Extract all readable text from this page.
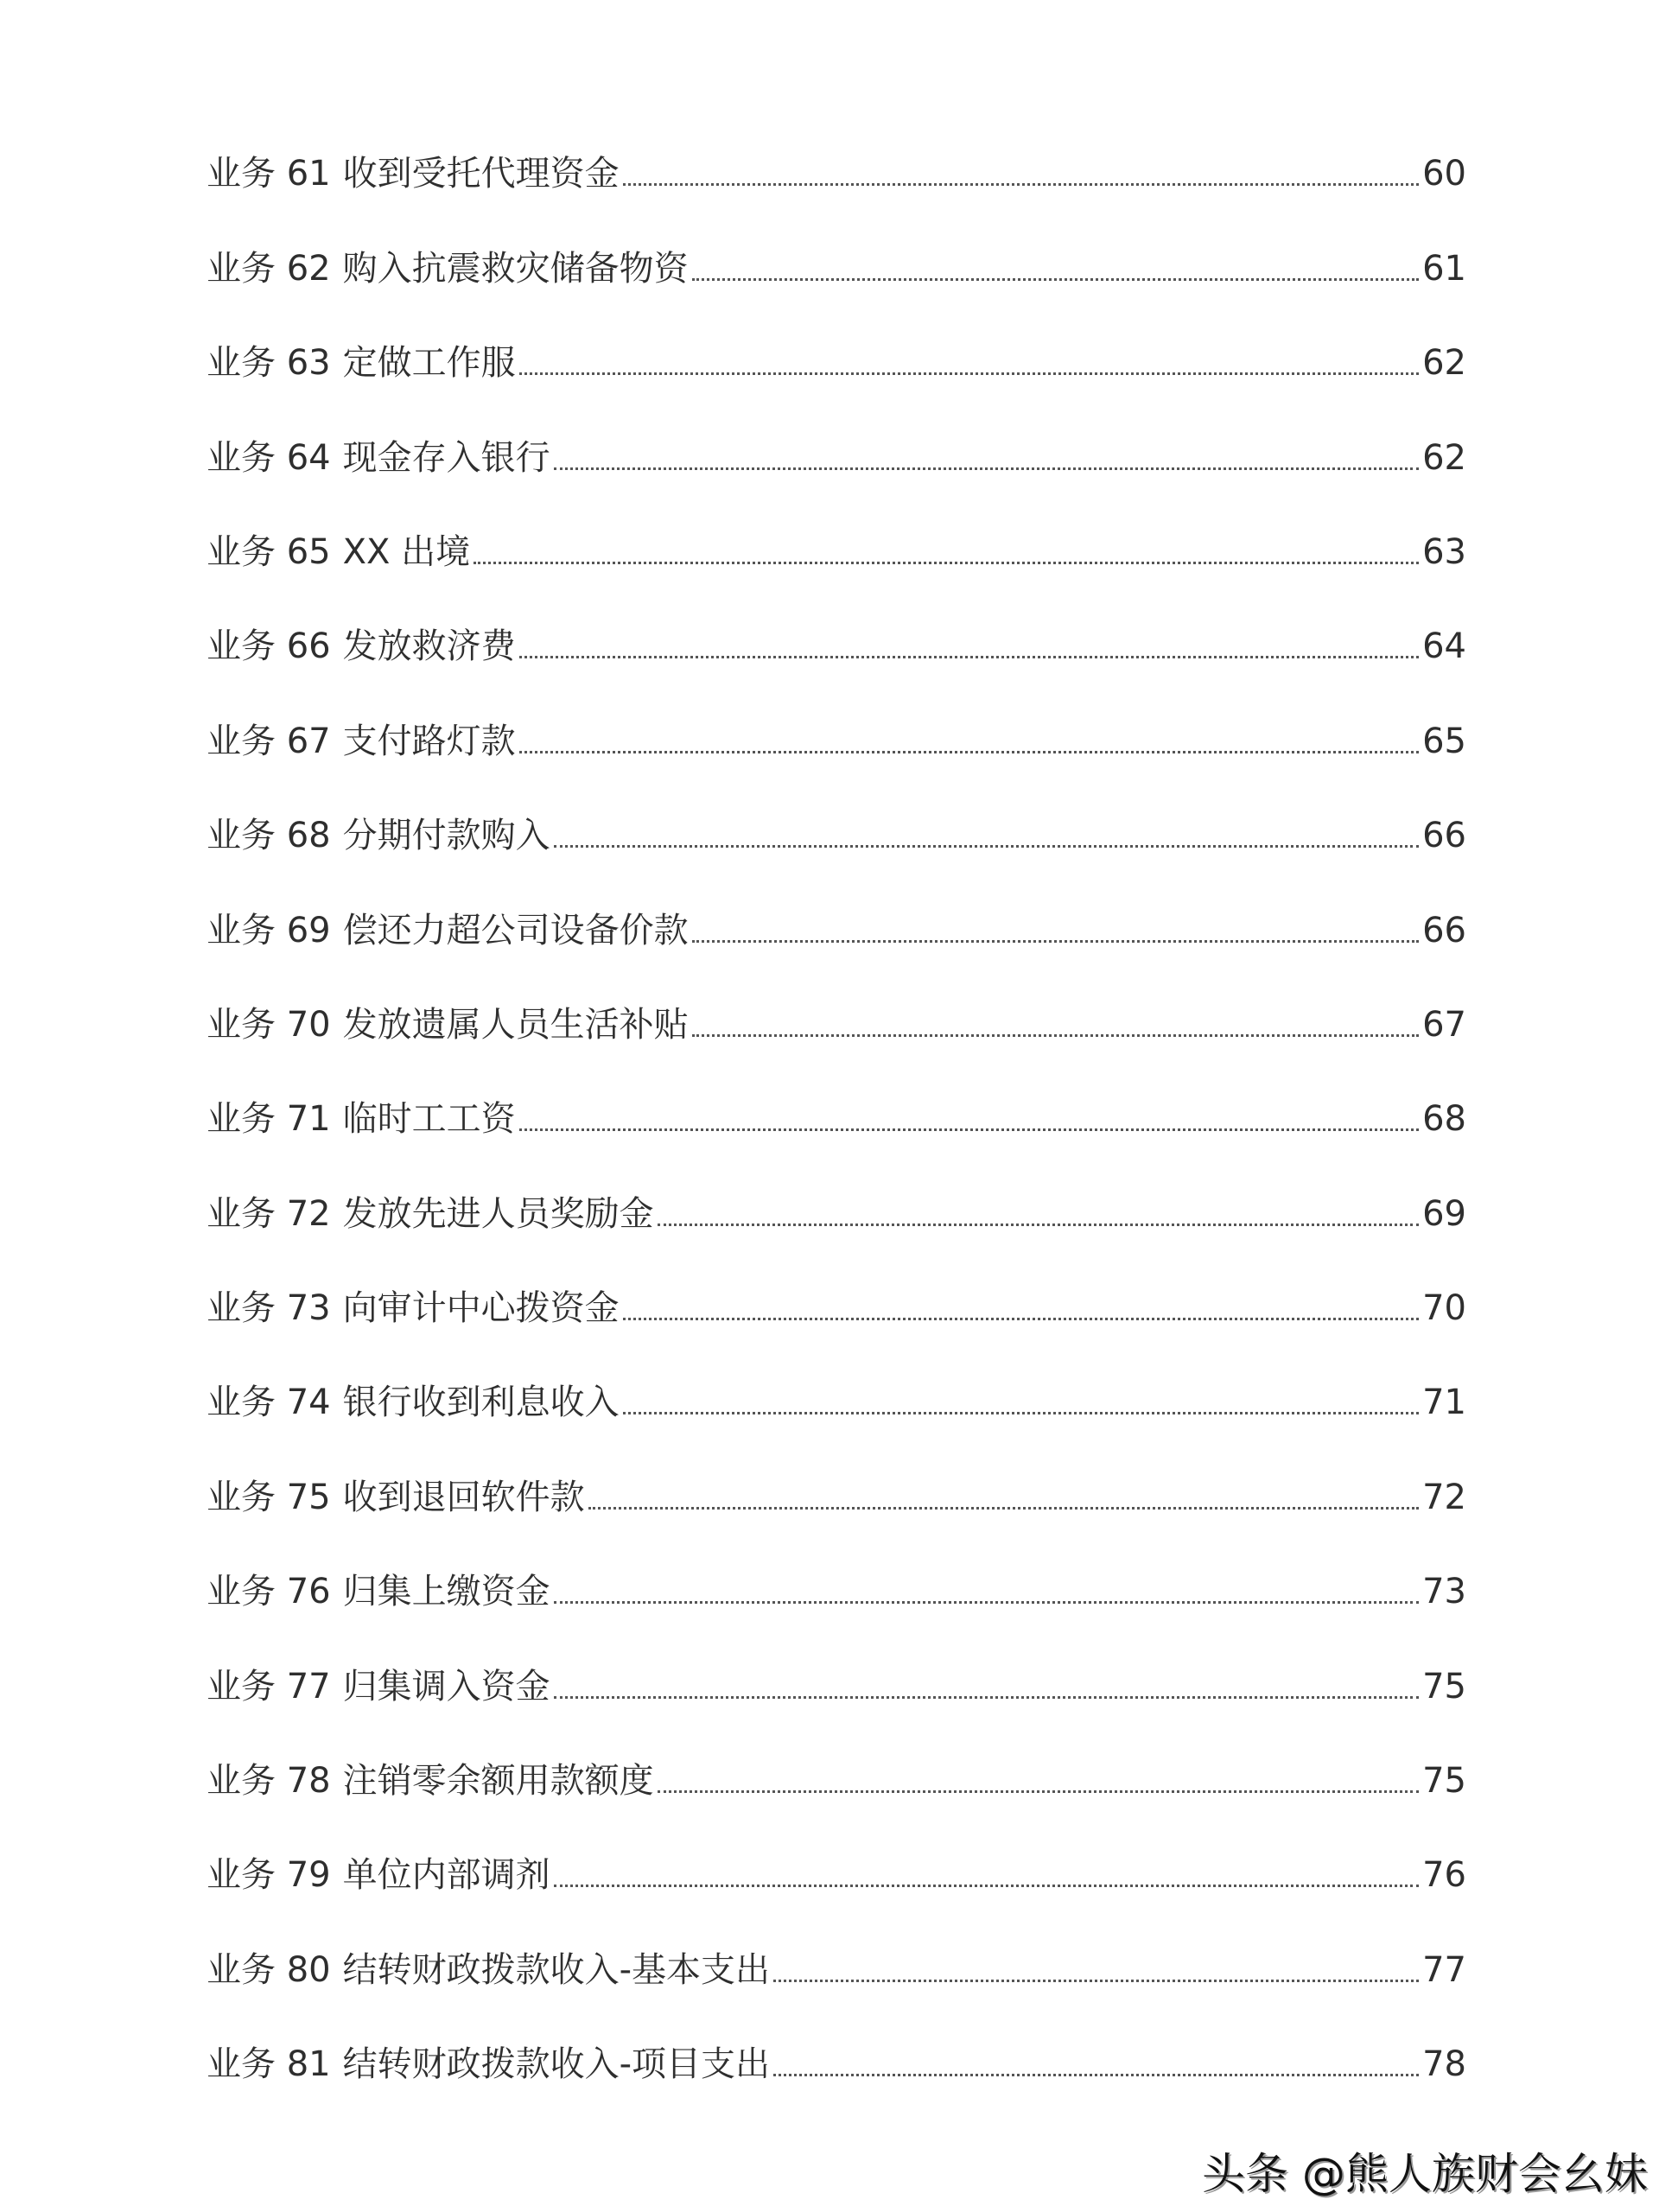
业务 61 收到受托代理资金	60
业务 62 购入抗震救灾储备物资	61
业务 63 定做工作服	62
业务 64 现金存入银行	62
业务 65 XX 出境	63
业务 66 发放救济费	64
业务 67 支付路灯款	65
业务 68 分期付款购入	66
业务 69 偿还力超公司设备价款	66
业务 70 发放遗属人员生活补贴	67
业务 71 临时工工资	68
业务 72 发放先进人员奖励金	69
业务 73 向审计中心拨资金	70
业务 74 银行收到利息收入	71
业务 75 收到退回软件款	72
业务 76 归集上缴资金	73
业务 77 归集调入资金	75
业务 78 注销零余额用款额度	75
业务 79 单位内部调剂	76
业务 80 结转财政拨款收入-基本支出	77
业务 81 结转财政拨款收入-项目支出	78
头条 @熊人族财会幺妹
